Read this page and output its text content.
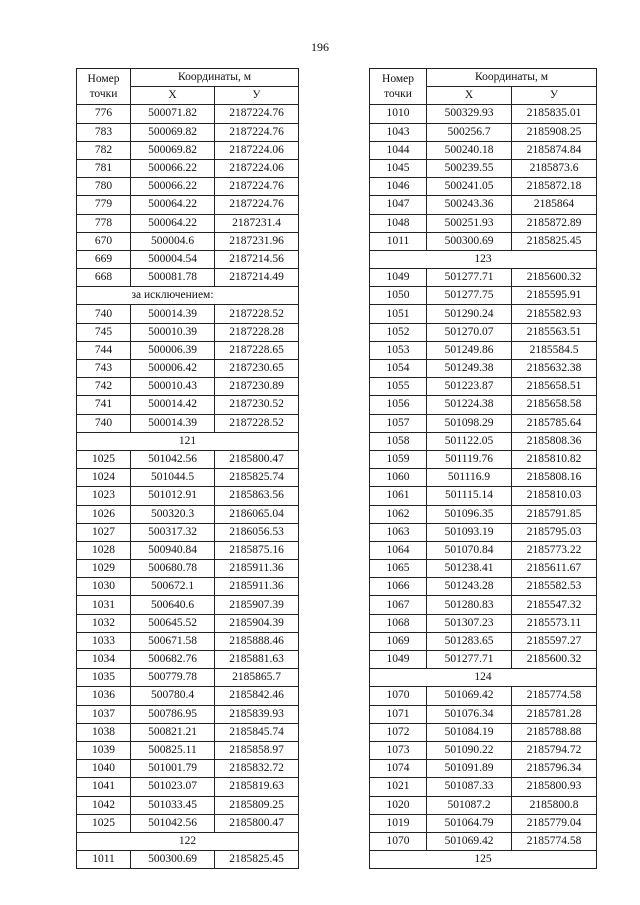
196
Номер
точки	Координаты, м	
	X	У
776	500071.82	2187224.76
783	500069.82	2187224.76
782	500069.82	2187224.06
781	500066.22	2187224.06
780	500066.22	2187224.76
779	500064.22	2187224.76
778	500064.22	2187231.4
670	500004.6	2187231.96
669	500004.54	2187214.56
668	500081.78	2187214.49
за исключением:		
740	500014.39	2187228.52
745	500010.39	2187228.28
744	500006.39	2187228.65
743	500006.42	2187230.65
742	500010.43	2187230.89
741	500014.42	2187230.52
740	500014.39	2187228.52
121		
1025	501042.56	2185800.47
1024	501044.5	2185825.74
1023	501012.91	2185863.56
1026	500320.3	2186065.04
1027	500317.32	2186056.53
1028	500940.84	2185875.16
1029	500680.78	2185911.36
1030	500672.1	2185911.36
1031	500640.6	2185907.39
1032	500645.52	2185904.39
1033	500671.58	2185888.46
1034	500682.76	2185881.63
1035	500779.78	2185865.7
1036	500780.4	2185842.46
1037	500786.95	2185839.93
1038	500821.21	2185845.74
1039	500825.11	2185858.97
1040	501001.79	2185832.72
1041	501023.07	2185819.63
1042	501033.45	2185809.25
1025	501042.56	2185800.47
122		
1011	500300.69	2185825.45
Номер
точки	Координаты, м	
	X	У
1010	500329.93	2185835.01
1043	500256.7	2185908.25
1044	500240.18	2185874.84
1045	500239.55	2185873.6
1046	500241.05	2185872.18
1047	500243.36	2185864
1048	500251.93	2185872.89
1011	500300.69	2185825.45
123		
1049	501277.71	2185600.32
1050	501277.75	2185595.91
1051	501290.24	2185582.93
1052	501270.07	2185563.51
1053	501249.86	2185584.5
1054	501249.38	2185632.38
1055	501223.87	2185658.51
1056	501224.38	2185658.58
1057	501098.29	2185785.64
1058	501122.05	2185808.36
1059	501119.76	2185810.82
1060	501116.9	2185808.16
1061	501115.14	2185810.03
1062	501096.35	2185791.85
1063	501093.19	2185795.03
1064	501070.84	2185773.22
1065	501238.41	2185611.67
1066	501243.28	2185582.53
1067	501280.83	2185547.32
1068	501307.23	2185573.11
1069	501283.65	2185597.27
1049	501277.71	2185600.32
124		
1070	501069.42	2185774.58
1071	501076.34	2185781.28
1072	501084.19	2185788.88
1073	501090.22	2185794.72
1074	501091.89	2185796.34
1021	501087.33	2185800.93
1020	501087.2	2185800.8
1019	501064.79	2185779.04
1070	501069.42	2185774.58
125		
